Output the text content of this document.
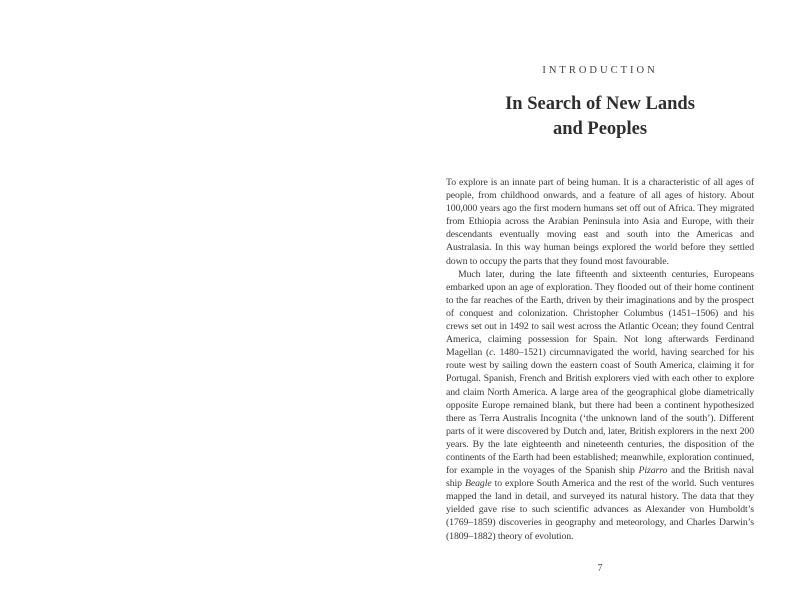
INTRODUCTION
In Search of New Lands
and Peoples

To explore is an innate part of being human. It is a characteristic of all ages of people, from childhood onwards, and a feature of all ages of history. About 100,000 years ago the first modern humans set off out of Africa. They migrated from Ethiopia across the Arabian Peninsula into Asia and Europe, with their descendants eventually moving east and south into the Americas and Australasia. In this way human beings explored the world before they settled down to occupy the parts that they found most favourable.

Much later, during the late fifteenth and sixteenth centuries, Europeans embarked upon an age of exploration. They flooded out of their home continent to the far reaches of the Earth, driven by their imaginations and by the prospect of conquest and colonization. Christopher Columbus (1451–1506) and his crews set out in 1492 to sail west across the Atlantic Ocean; they found Central America, claiming possession for Spain. Not long afterwards Ferdinand Magellan (c. 1480–1521) circumnavigated the world, having searched for his route west by sailing down the eastern coast of South America, claiming it for Portugal. Spanish, French and British explorers vied with each other to explore and claim North America. A large area of the geographical globe diametrically opposite Europe remained blank, but there had been a continent hypothesized there as Terra Australis Incognita (‘the unknown land of the south’). Different parts of it were discovered by Dutch and, later, British explorers in the next 200 years. By the late eighteenth and nineteenth centuries, the disposition of the continents of the Earth had been established; meanwhile, exploration continued, for example in the voyages of the Spanish ship Pizarro and the British naval ship Beagle to explore South America and the rest of the world. Such ventures mapped the land in detail, and surveyed its natural history. The data that they yielded gave rise to such scientific advances as Alexander von Humboldt’s (1769–1859) discoveries in geography and meteorology, and Charles Darwin’s (1809–1882) theory of evolution.

7
